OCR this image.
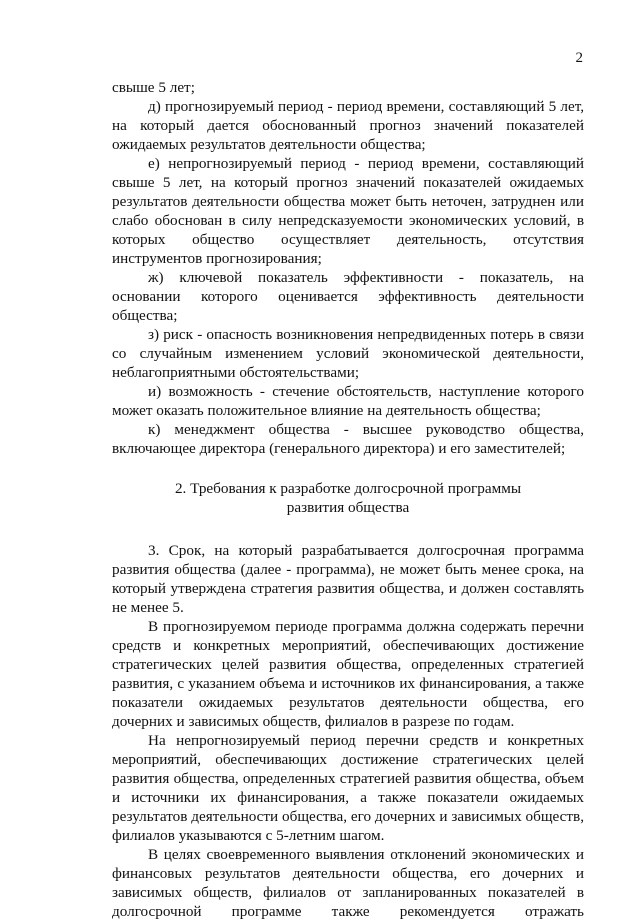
2

свыше 5 лет;

д) прогнозируемый период - период времени, составляющий 5 лет, на который дается обоснованный прогноз значений показателей ожидаемых результатов деятельности общества;

е) непрогнозируемый период - период времени, составляющий свыше 5 лет, на который прогноз значений показателей ожидаемых результатов деятельности общества может быть неточен, затруднен или слабо обоснован в силу непредсказуемости экономических условий, в которых общество осуществляет деятельность, отсутствия инструментов прогнозирования;

ж) ключевой показатель эффективности - показатель, на основании которого оценивается эффективность деятельности общества;

з) риск - опасность возникновения непредвиденных потерь в связи со случайным изменением условий экономической деятельности, неблагоприятными обстоятельствами;

и) возможность - стечение обстоятельств, наступление которого может оказать положительное влияние на деятельность общества;

к) менеджмент общества - высшее руководство общества, включающее директора (генерального директора) и его заместителей;

2. Требования к разработке долгосрочной программы
развития общества

3. Срок, на который разрабатывается долгосрочная программа развития общества (далее - программа), не может быть менее срока, на который утверждена стратегия развития общества, и должен составлять не менее 5.

В прогнозируемом периоде программа должна содержать перечни средств и конкретных мероприятий, обеспечивающих достижение стратегических целей развития общества, определенных стратегией развития, с указанием объема и источников их финансирования, а также показатели ожидаемых результатов деятельности общества, его дочерних и зависимых обществ, филиалов в разрезе по годам.

На непрогнозируемый период перечни средств и конкретных мероприятий, обеспечивающих достижение стратегических целей развития общества, определенных стратегией развития общества, объем и источники их финансирования, а также показатели ожидаемых результатов деятельности общества, его дочерних и зависимых обществ, филиалов указываются с 5-летним шагом.

В целях своевременного выявления отклонений экономических и финансовых результатов деятельности общества, его дочерних и зависимых обществ, филиалов от запланированных показателей в долгосрочной программе также рекомендуется отражать
